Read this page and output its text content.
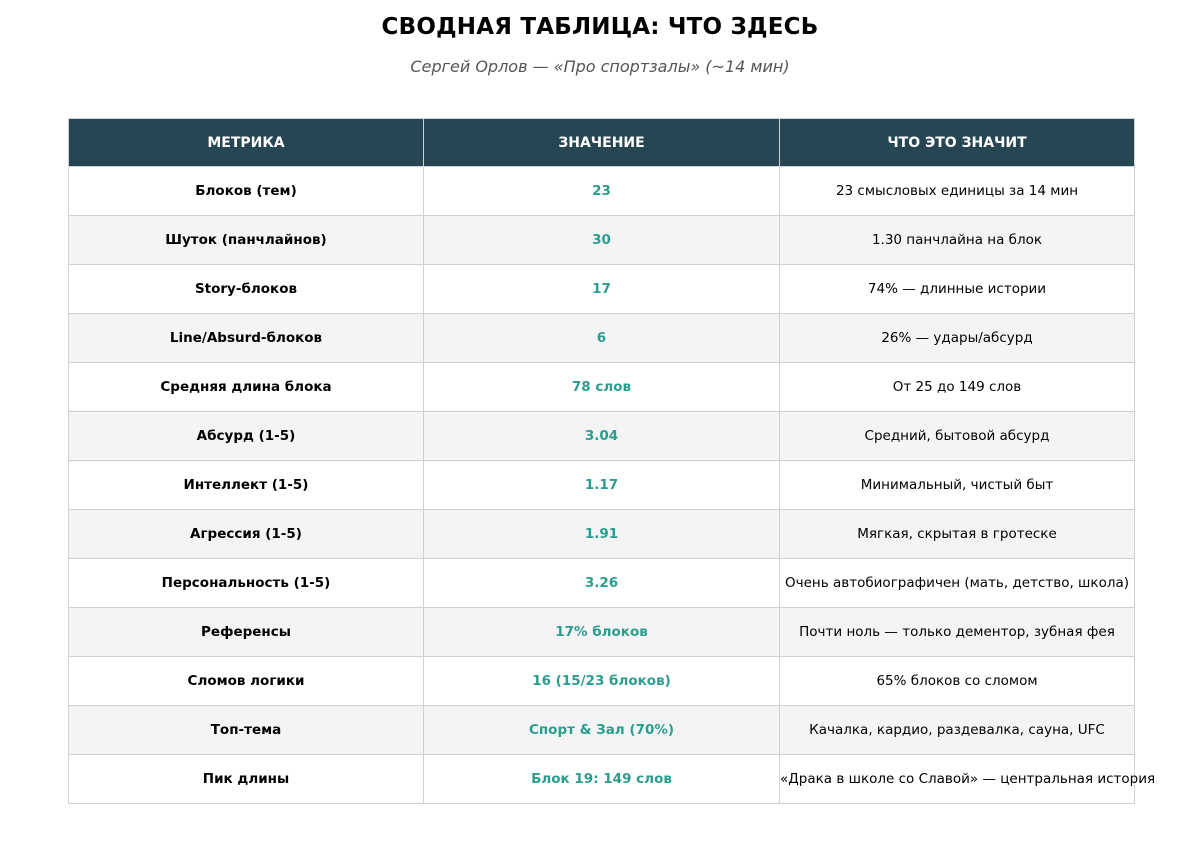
СВОДНАЯ ТАБЛИЦА: ЧТО ЗДЕСЬ
Сергей Орлов — «Про спортзалы» (~14 мин)
МЕТРИКА	ЗНАЧЕНИЕ	ЧТО ЭТО ЗНАЧИТ
Блоков (тем)	23	23 смысловых единицы за 14 мин
Шуток (панчлайнов)	30	1.30 панчлайна на блок
Story-блоков	17	74% — длинные истории
Line/Absurd-блоков	6	26% — удары/абсурд
Средняя длина блока	78 слов	От 25 до 149 слов
Абсурд (1-5)	3.04	Средний, бытовой абсурд
Интеллект (1-5)	1.17	Минимальный, чистый быт
Агрессия (1-5)	1.91	Мягкая, скрытая в гротеске
Персональность (1-5)	3.26	Очень автобиографичен (мать, детство, школа)
Референсы	17% блоков	Почти ноль — только дементор, зубная фея
Сломов логики	16 (15/23 блоков)	65% блоков со сломом
Топ-тема	Спорт & Зал (70%)	Качалка, кардио, раздевалка, сауна, UFC
Пик длины	Блок 19: 149 слов	«Драка в школе со Славой» — центральная история
